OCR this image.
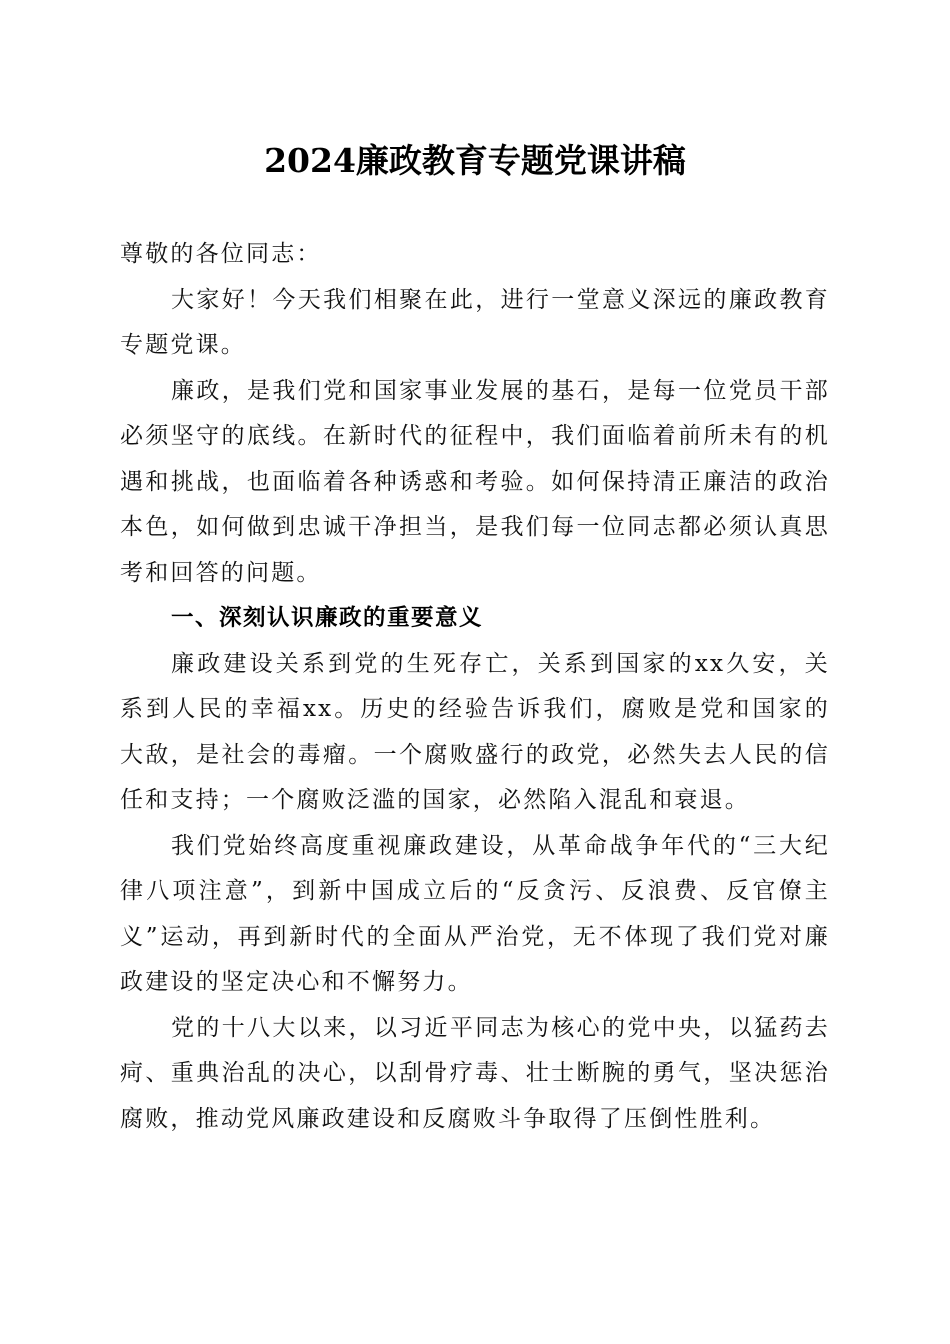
2024廉政教育专题党课讲稿

尊敬的各位同志：

大家好！今天我们相聚在此，进行一堂意义深远的廉政教育专题党课。

廉政，是我们党和国家事业发展的基石，是每一位党员干部必须坚守的底线。在新时代的征程中，我们面临着前所未有的机遇和挑战，也面临着各种诱惑和考验。如何保持清正廉洁的政治本色，如何做到忠诚干净担当，是我们每一位同志都必须认真思考和回答的问题。

一、深刻认识廉政的重要意义

廉政建设关系到党的生死存亡，关系到国家的xx久安，关系到人民的幸福xx。历史的经验告诉我们，腐败是党和国家的大敌，是社会的毒瘤。一个腐败盛行的政党，必然失去人民的信任和支持；一个腐败泛滥的国家，必然陷入混乱和衰退。

我们党始终高度重视廉政建设，从革命战争年代的“三大纪律八项注意”，到新中国成立后的“反贪污、反浪费、反官僚主义”运动，再到新时代的全面从严治党，无不体现了我们党对廉政建设的坚定决心和不懈努力。

党的十八大以来，以习近平同志为核心的党中央，以猛药去疴、重典治乱的决心，以刮骨疗毒、壮士断腕的勇气，坚决惩治腐败，推动党风廉政建设和反腐败斗争取得了压倒性胜利。
